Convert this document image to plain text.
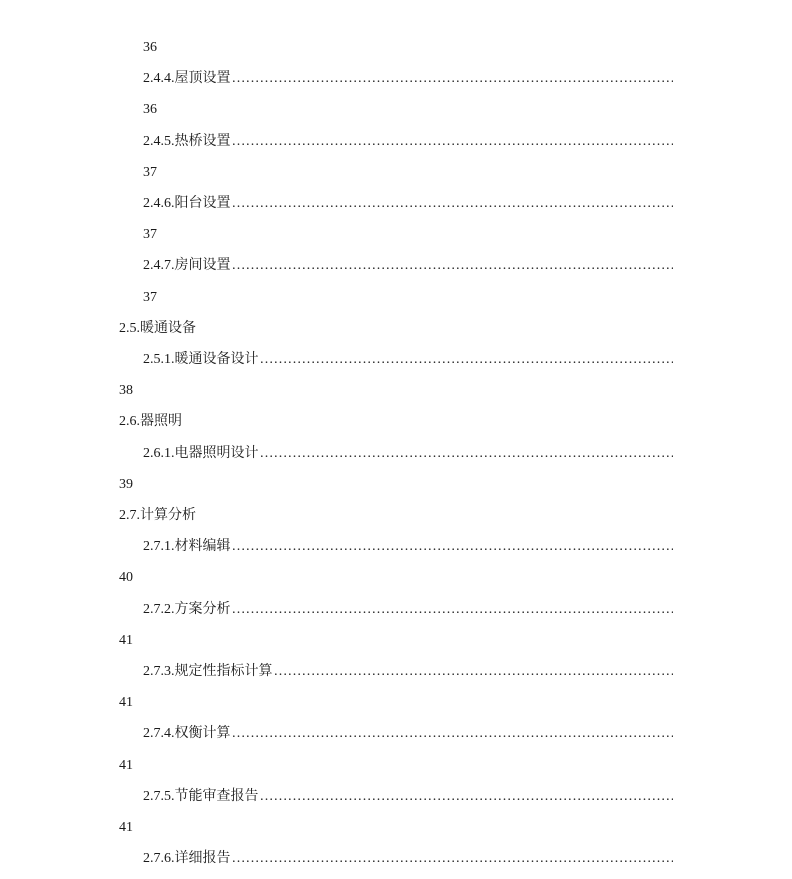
36
2.4.4.屋顶设置
……………………………………………………………………………………………………………………………………………………………………………………………………………………
36
2.4.5.热桥设置
……………………………………………………………………………………………………………………………………………………………………………………………………………………
37
2.4.6.阳台设置
……………………………………………………………………………………………………………………………………………………………………………………………………………………
37
2.4.7.房间设置
……………………………………………………………………………………………………………………………………………………………………………………………………………………
37
2.5.暖通设备
2.5.1.暖通设备设计
……………………………………………………………………………………………………………………………………………………………………………………………………………………
38
2.6.器照明
2.6.1.电器照明设计
……………………………………………………………………………………………………………………………………………………………………………………………………………………
39
2.7.计算分析
2.7.1.材料编辑
……………………………………………………………………………………………………………………………………………………………………………………………………………………
40
2.7.2.方案分析
……………………………………………………………………………………………………………………………………………………………………………………………………………………
41
2.7.3.规定性指标计算
……………………………………………………………………………………………………………………………………………………………………………………………………………………
41
2.7.4.权衡计算
……………………………………………………………………………………………………………………………………………………………………………………………………………………
41
2.7.5.节能审查报告
……………………………………………………………………………………………………………………………………………………………………………………………………………………
41
2.7.6.详细报告
……………………………………………………………………………………………………………………………………………………………………………………………………………………
